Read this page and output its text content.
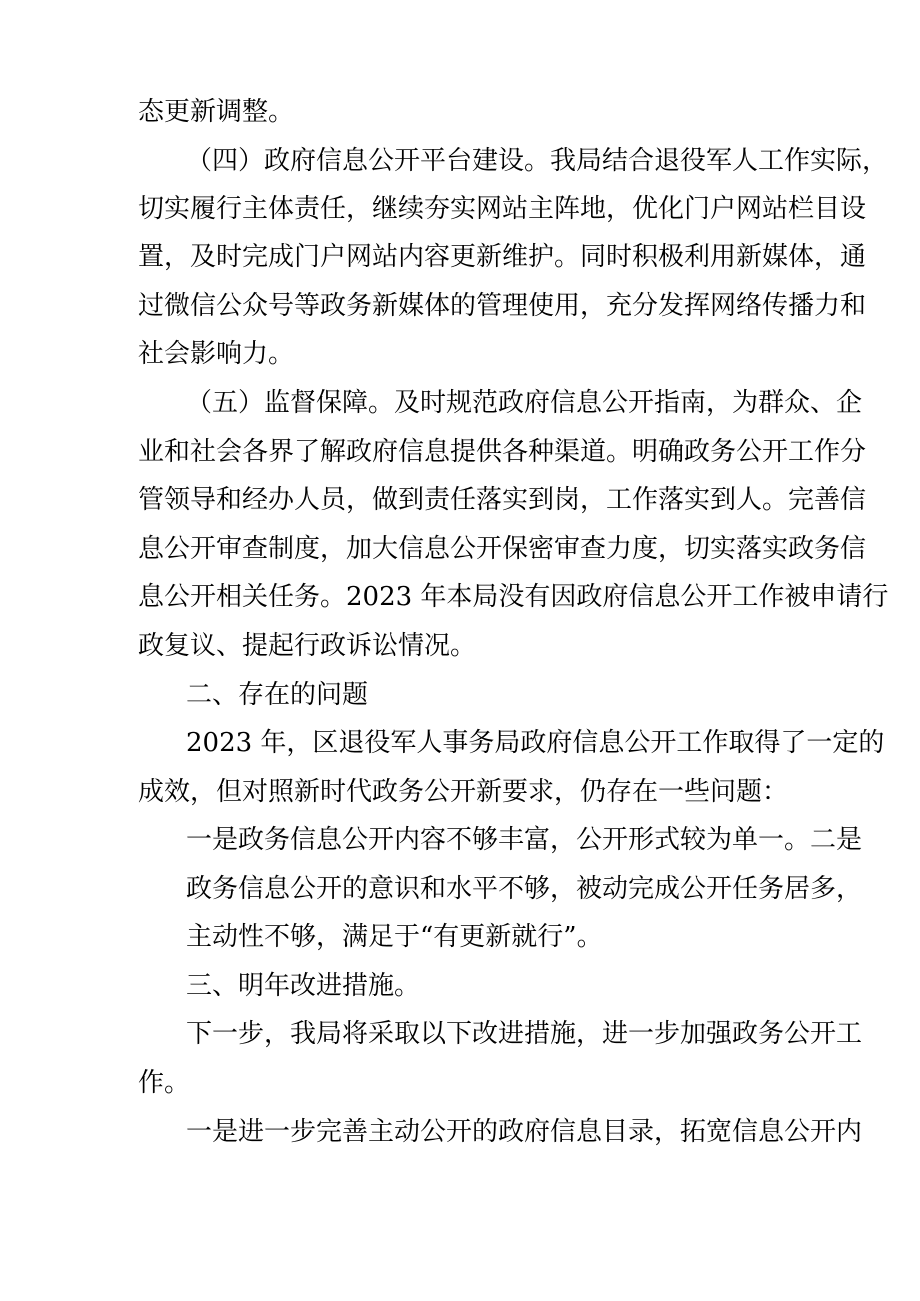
态更新调整。

（四）政府信息公开平台建设。我局结合退役军人工作实际，

切实履行主体责任，继续夯实网站主阵地，优化门户网站栏目设

置，及时完成门户网站内容更新维护。同时积极利用新媒体，通

过微信公众号等政务新媒体的管理使用，充分发挥网络传播力和

社会影响力。

（五）监督保障。及时规范政府信息公开指南，为群众、企

业和社会各界了解政府信息提供各种渠道。明确政务公开工作分

管领导和经办人员，做到责任落实到岗，工作落实到人。完善信

息公开审查制度，加大信息公开保密审查力度，切实落实政务信

息公开相关任务。2023 年本局没有因政府信息公开工作被申请行

政复议、提起行政诉讼情况。

二、存在的问题

2023 年，区退役军人事务局政府信息公开工作取得了一定的

成效，但对照新时代政务公开新要求，仍存在一些问题：

一是政务信息公开内容不够丰富，公开形式较为单一。二是

政务信息公开的意识和水平不够，被动完成公开任务居多，

主动性不够，满足于“有更新就行”。

三、明年改进措施。

下一步，我局将采取以下改进措施，进一步加强政务公开工

作。

一是进一步完善主动公开的政府信息目录，拓宽信息公开内
